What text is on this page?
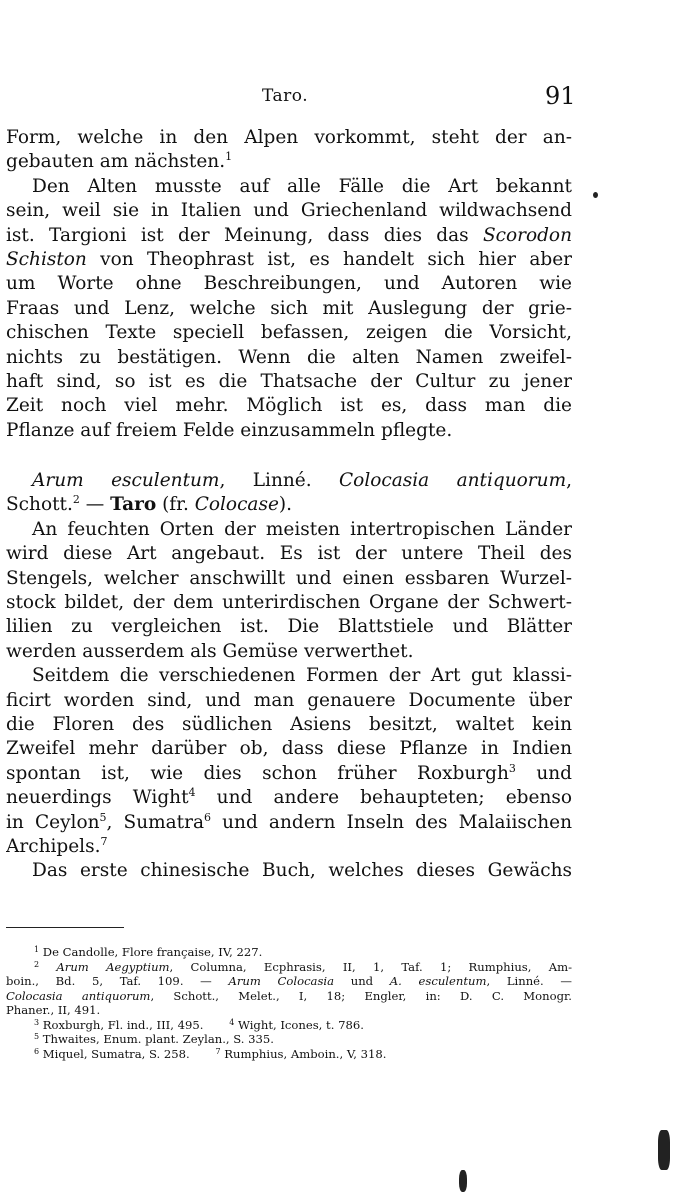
Taro.	91
Form, welche in den Alpen vorkommt, steht der an-
gebauten am nächsten.$^1$
Den Alten musste auf alle Fälle die Art bekannt
sein, weil sie in Italien und Griechenland wildwachsend
ist. Targioni ist der Meinung, dass dies das Scorodon
Schiston von Theophrast ist, es handelt sich hier aber
um Worte ohne Beschreibungen, und Autoren wie
Fraas und Lenz, welche sich mit Auslegung der grie-
chischen Texte speciell befassen, zeigen die Vorsicht,
nichts zu bestätigen. Wenn die alten Namen zweifel-
haft sind, so ist es die Thatsache der Cultur zu jener
Zeit noch viel mehr. Möglich ist es, dass man die
Pflanze auf freiem Felde einzusammeln pflegte.
Arum esculentum, Linné. Colocasia antiquorum,
Schott.$^2$ — Taro (fr. Colocase).
An feuchten Orten der meisten intertropischen Länder
wird diese Art angebaut. Es ist der untere Theil des
Stengels, welcher anschwillt und einen essbaren Wurzel-
stock bildet, der dem unterirdischen Organe der Schwert-
lilien zu vergleichen ist. Die Blattstiele und Blätter
werden ausserdem als Gemüse verwerthet.
Seitdem die verschiedenen Formen der Art gut klassi-
ficirt worden sind, und man genauere Documente über
die Floren des südlichen Asiens besitzt, waltet kein
Zweifel mehr darüber ob, dass diese Pflanze in Indien
spontan ist, wie dies schon früher Roxburgh$^3$ und
neuerdings Wight$^4$ und andere behaupteten; ebenso
in Ceylon$^5$, Sumatra$^6$ und andern Inseln des Malaiischen
Archipels.$^7$
Das erste chinesische Buch, welches dieses Gewächs
$^1$ De Candolle, Flore française, IV, 227.
$^2$ Arum Aegyptium, Columna, Ecphrasis, II, 1, Taf. 1; Rumphius, Am-
boin., Bd. 5, Taf. 109. — Arum Colocasia und A. esculentum, Linné. —
Colocasia antiquorum, Schott., Melet., I, 18; Engler, in: D. C. Monogr.
Phaner., II, 491.
$^3$ Roxburgh, Fl. ind., III, 495.	$^4$ Wight, Icones, t. 786.
$^5$ Thwaites, Enum. plant. Zeylan., S. 335.
$^6$ Miquel, Sumatra, S. 258.	$^7$ Rumphius, Amboin., V, 318.
